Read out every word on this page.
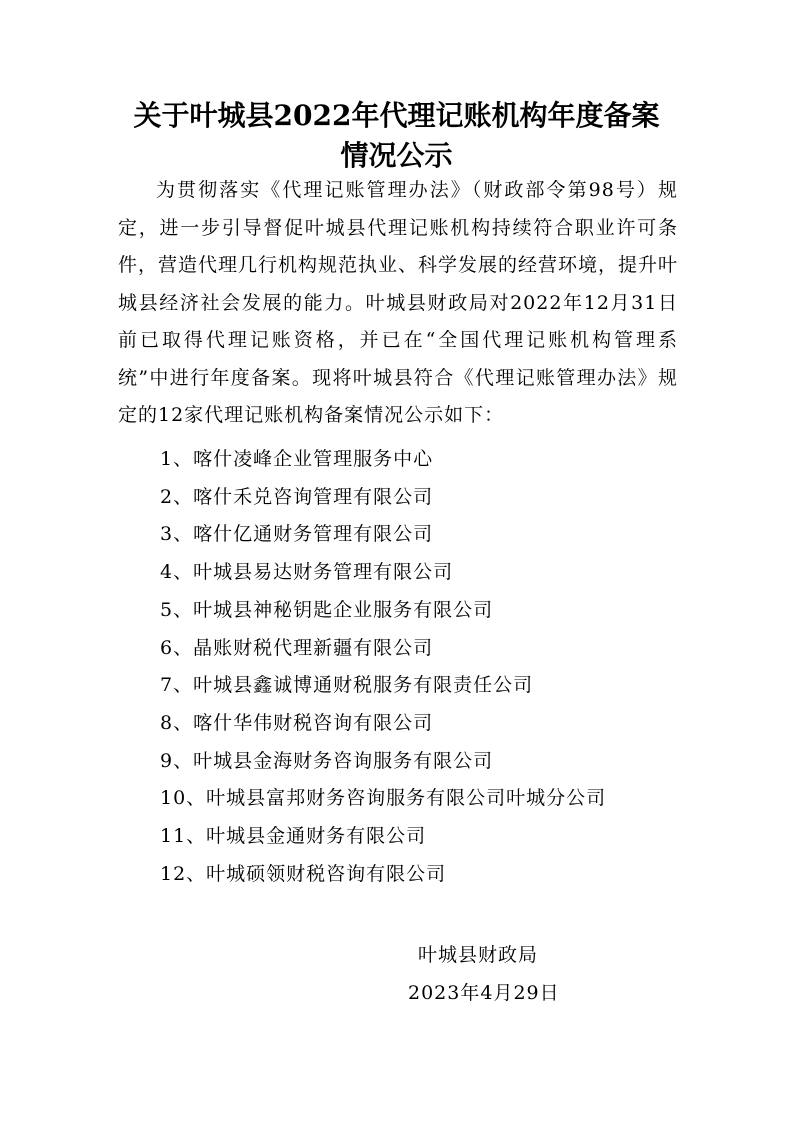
关于叶城县2022年代理记账机构年度备案
情况公示

为贯彻落实《代理记账管理办法》（财政部令第98号）规定，进一步引导督促叶城县代理记账机构持续符合职业许可条件，营造代理几行机构规范执业、科学发展的经营环境，提升叶城县经济社会发展的能力。叶城县财政局对2022年12月31日前已取得代理记账资格，并已在“全国代理记账机构管理系统”中进行年度备案。现将叶城县符合《代理记账管理办法》规定的12家代理记账机构备案情况公示如下：

1、喀什凌峰企业管理服务中心
2、喀什禾兑咨询管理有限公司
3、喀什亿通财务管理有限公司
4、叶城县易达财务管理有限公司
5、叶城县神秘钥匙企业服务有限公司
6、晶账财税代理新疆有限公司
7、叶城县鑫诚博通财税服务有限责任公司
8、喀什华伟财税咨询有限公司
9、叶城县金海财务咨询服务有限公司
10、叶城县富邦财务咨询服务有限公司叶城分公司
11、叶城县金通财务有限公司
12、叶城硕领财税咨询有限公司

叶城县财政局

2023年4月29日
